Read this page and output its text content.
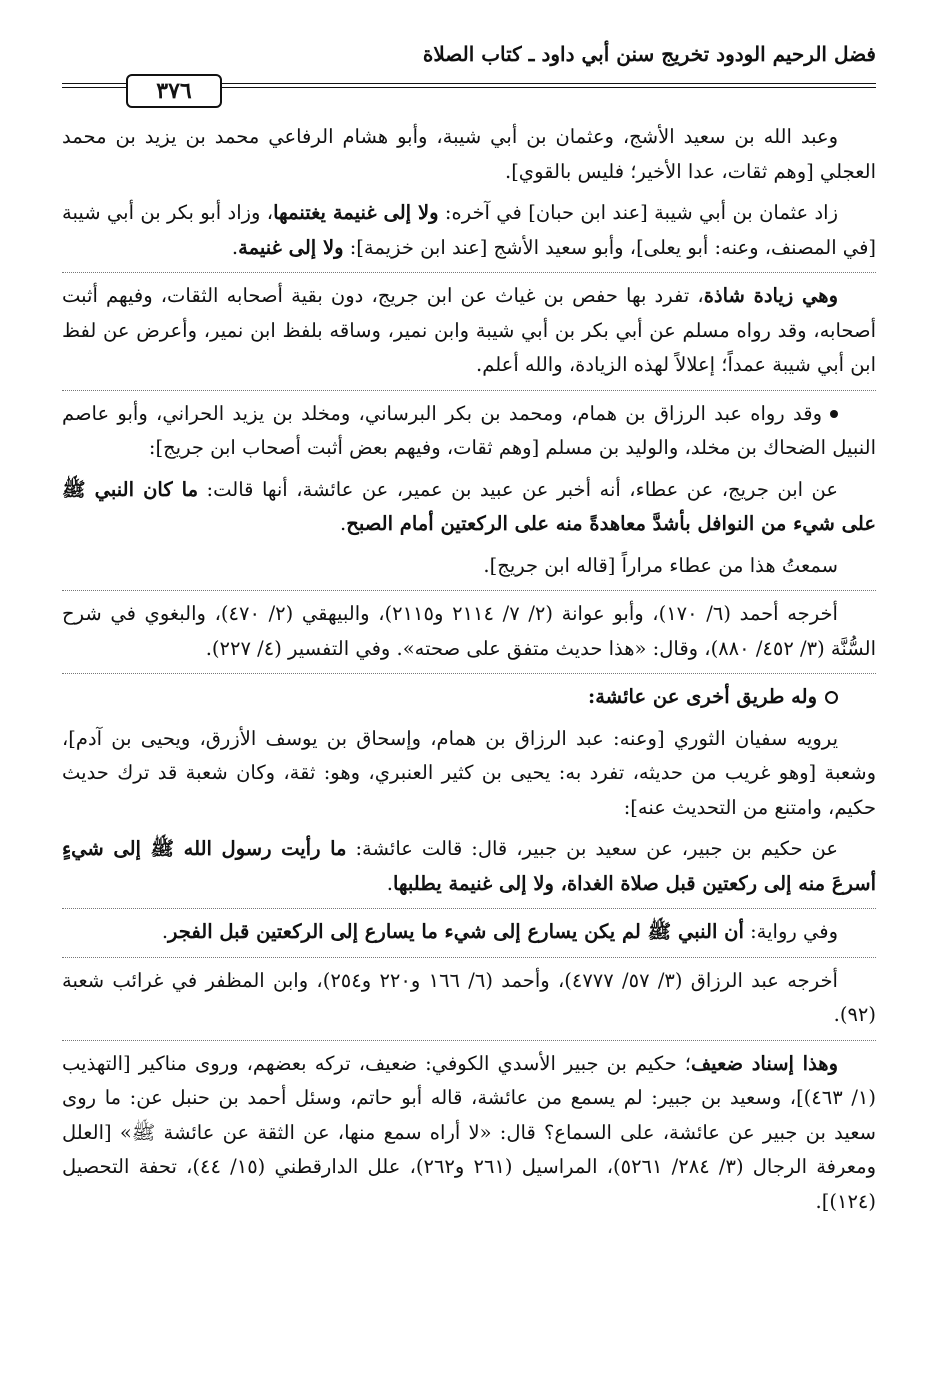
فضل الرحيم الودود تخريج سنن أبي داود ـ كتاب الصلاة
٣٧٦

وعبد الله بن سعيد الأشج، وعثمان بن أبي شيبة، وأبو هشام الرفاعي محمد بن يزيد بن محمد العجلي [وهم ثقات، عدا الأخير؛ فليس بالقوي].

زاد عثمان بن أبي شيبة [عند ابن حبان] في آخره: ولا إلى غنيمة يغتنمها، وزاد أبو بكر بن أبي شيبة [في المصنف، وعنه: أبو يعلى]، وأبو سعيد الأشج [عند ابن خزيمة]: ولا إلى غنيمة.

وهي زيادة شاذة، تفرد بها حفص بن غياث عن ابن جريج، دون بقية أصحابه الثقات، وفيهم أثبت أصحابه، وقد رواه مسلم عن أبي بكر بن أبي شيبة وابن نمير، وساقه بلفظ ابن نمير، وأعرض عن لفظ ابن أبي شيبة عمداً؛ إعلالاً لهذه الزيادة، والله أعلم.

وقد رواه عبد الرزاق بن همام، ومحمد بن بكر البرساني، ومخلد بن يزيد الحراني، وأبو عاصم النبيل الضحاك بن مخلد، والوليد بن مسلم [وهم ثقات، وفيهم بعض أثبت أصحاب ابن جريج]:

عن ابن جريج، عن عطاء، أنه أخبر عن عبيد بن عمير، عن عائشة، أنها قالت: ما كان النبي ﷺ على شيء من النوافل بأشدَّ معاهدةً منه على الركعتين أمام الصبح.

سمعتُ هذا من عطاء مراراً [قاله ابن جريج].

أخرجه أحمد (٦/ ١٧٠)، وأبو عوانة (٢/ ٧/ ٢١١٤ و٢١١٥)، والبيهقي (٢/ ٤٧٠)، والبغوي في شرح السُّنَّة (٣/ ٤٥٢/ ٨٨٠)، وقال: «هذا حديث متفق على صحته». وفي التفسير (٤/ ٢٢٧).

وله طريق أخرى عن عائشة:

يرويه سفيان الثوري [وعنه: عبد الرزاق بن همام، وإسحاق بن يوسف الأزرق، ويحيى بن آدم]، وشعبة [وهو غريب من حديثه، تفرد به: يحيى بن كثير العنبري، وهو: ثقة، وكان شعبة قد ترك حديث حكيم، وامتنع من التحديث عنه]:

عن حكيم بن جبير، عن سعيد بن جبير، قال: قالت عائشة: ما رأيت رسول الله ﷺ إلى شيءٍ أسرعَ منه إلى ركعتين قبل صلاة الغداة، ولا إلى غنيمة يطلبها.

وفي رواية: أن النبي ﷺ لم يكن يسارع إلى شيء ما يسارع إلى الركعتين قبل الفجر.

أخرجه عبد الرزاق (٣/ ٥٧/ ٤٧٧٧)، وأحمد (٦/ ١٦٦ و٢٢٠ و٢٥٤)، وابن المظفر في غرائب شعبة (٩٢).

وهذا إسناد ضعيف؛ حكيم بن جبير الأسدي الكوفي: ضعيف، تركه بعضهم، وروى مناكير [التهذيب (١/ ٤٦٣)]، وسعيد بن جبير: لم يسمع من عائشة، قاله أبو حاتم، وسئل أحمد بن حنبل عن: ما روى سعيد بن جبير عن عائشة، على السماع؟ قال: «لا أراه سمع منها، عن الثقة عن عائشة ﷺ» [العلل ومعرفة الرجال (٣/ ٢٨٤/ ٥٢٦١)، المراسيل (٢٦١ و٢٦٢)، علل الدارقطني (١٥/ ٤٤)، تحفة التحصيل (١٢٤)].
